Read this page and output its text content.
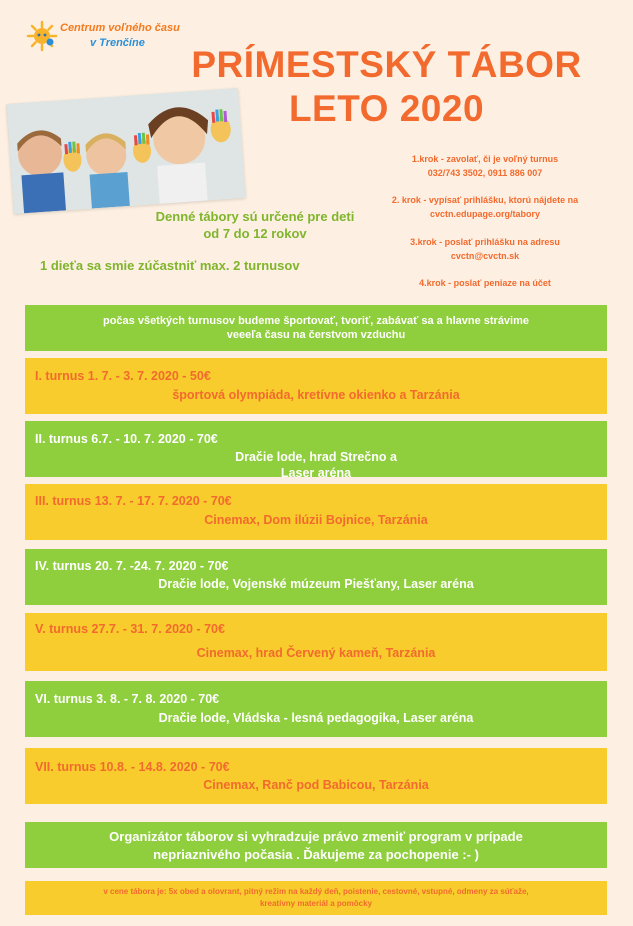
Centrum voľného času
v Trenčíne
PRÍMESTSKÝ TÁBOR
LETO 2020
Denné tábory sú určené pre deti
od 7 do 12 rokov
1 dieťa sa smie zúčastniť max. 2 turnusov
1.krok - zavolať, či je voľný turnus
032/743 3502, 0911 886 007
2. krok - vypísať prihlášku, ktorú nájdete na
cvctn.edupage.org/tabory
3.krok - poslať prihlášku na adresu
cvctn@cvctn.sk
4.krok - poslať peniaze na účet
počas všetkých turnusov budeme športovať, tvoriť, zabávať sa a hlavne strávime
veeeľa času na čerstvom vzduchu
I. turnus 1. 7. - 3. 7. 2020 - 50€
športová olympiáda, kretívne okienko a Tarzánia
II. turnus 6.7. - 10. 7. 2020 - 70€
Dračie lode, hrad Strečno a
Laser aréna
III. turnus 13. 7. - 17. 7. 2020 - 70€
Cinemax, Dom ilúzii Bojnice, Tarzánia
IV. turnus 20. 7. -24. 7. 2020 - 70€
Dračie lode, Vojenské múzeum Piešťany, Laser aréna
V. turnus 27.7. - 31. 7. 2020 - 70€
Cinemax, hrad Červený kameň, Tarzánia
VI. turnus 3. 8. - 7. 8. 2020 - 70€
Dračie lode, Vládska - lesná pedagogika, Laser aréna
VII. turnus 10.8. - 14.8. 2020 - 70€
Cinemax, Ranč pod Babicou, Tarzánia
Organizátor táborov si vyhradzuje právo zmeniť program v prípade
nepriaznivého počasia . Ďakujeme za pochopenie :- )
v cene tábora je: 5x obed a olovrant, pitný režim na každý deň, poistenie, cestovné, vstupné, odmeny za súťaže,
kreatívny materiál a pomôcky
